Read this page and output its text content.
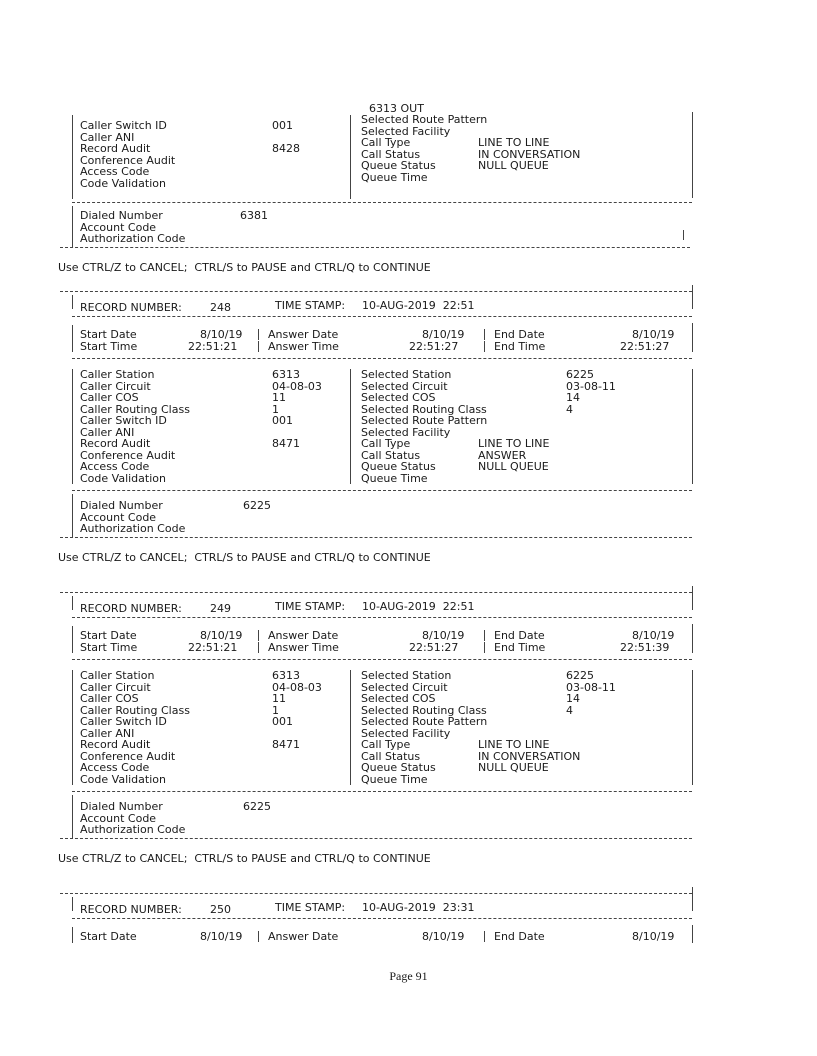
6313 OUT
Caller Switch ID	001
Caller ANI
Record Audit	8428
Conference Audit
Access Code
Code Validation
Selected Route Pattern
Selected Facility
Call Type	LINE TO LINE
Call Status	IN CONVERSATION
Queue Status	NULL QUEUE
Queue Time
Dialed Number	6381
Account Code
Authorization Code
Use CTRL/Z to CANCEL;  CTRL/S to PAUSE and CTRL/Q to CONTINUE
RECORD NUMBER:	248	TIME STAMP: 10-AUG-2019  22:51
Start Date	8/10/19 Answer Date	8/10/19	End Date	8/10/19
Start Time	22:51:21	Answer Time	22:51:27	End Time	22:51:27
Caller Station	6313
Caller Circuit	04-08-03
Caller COS	11
Caller Routing Class	1
Caller Switch ID	001
Caller ANI
Record Audit	8471
Conference Audit
Access Code
Code Validation
Selected Station	6225
Selected Circuit	03-08-11
Selected COS	14
Selected Routing Class	4
Selected Route Pattern
Selected Facility
Call Type	LINE TO LINE
Call Status	ANSWER
Queue Status	NULL QUEUE
Queue Time
Dialed Number	6225
Account Code
Authorization Code
Use CTRL/Z to CANCEL;  CTRL/S to PAUSE and CTRL/Q to CONTINUE
RECORD NUMBER:	249	TIME STAMP: 10-AUG-2019  22:51
Start Date	8/10/19 Answer Date	8/10/19	End Date	8/10/19
Start Time	22:51:21	Answer Time	22:51:27	End Time	22:51:39
Caller Station	6313
Caller Circuit	04-08-03
Caller COS	11
Caller Routing Class	1
Caller Switch ID	001
Caller ANI
Record Audit	8471
Conference Audit
Access Code
Code Validation
Selected Station	6225
Selected Circuit	03-08-11
Selected COS	14
Selected Routing Class	4
Selected Route Pattern
Selected Facility
Call Type	LINE TO LINE
Call Status	IN CONVERSATION
Queue Status	NULL QUEUE
Queue Time
Dialed Number	6225
Account Code
Authorization Code
Use CTRL/Z to CANCEL;  CTRL/S to PAUSE and CTRL/Q to CONTINUE
RECORD NUMBER:	250	TIME STAMP: 10-AUG-2019  23:31
Start Date	8/10/19 Answer Date	8/10/19	End Date	8/10/19
Page 91
